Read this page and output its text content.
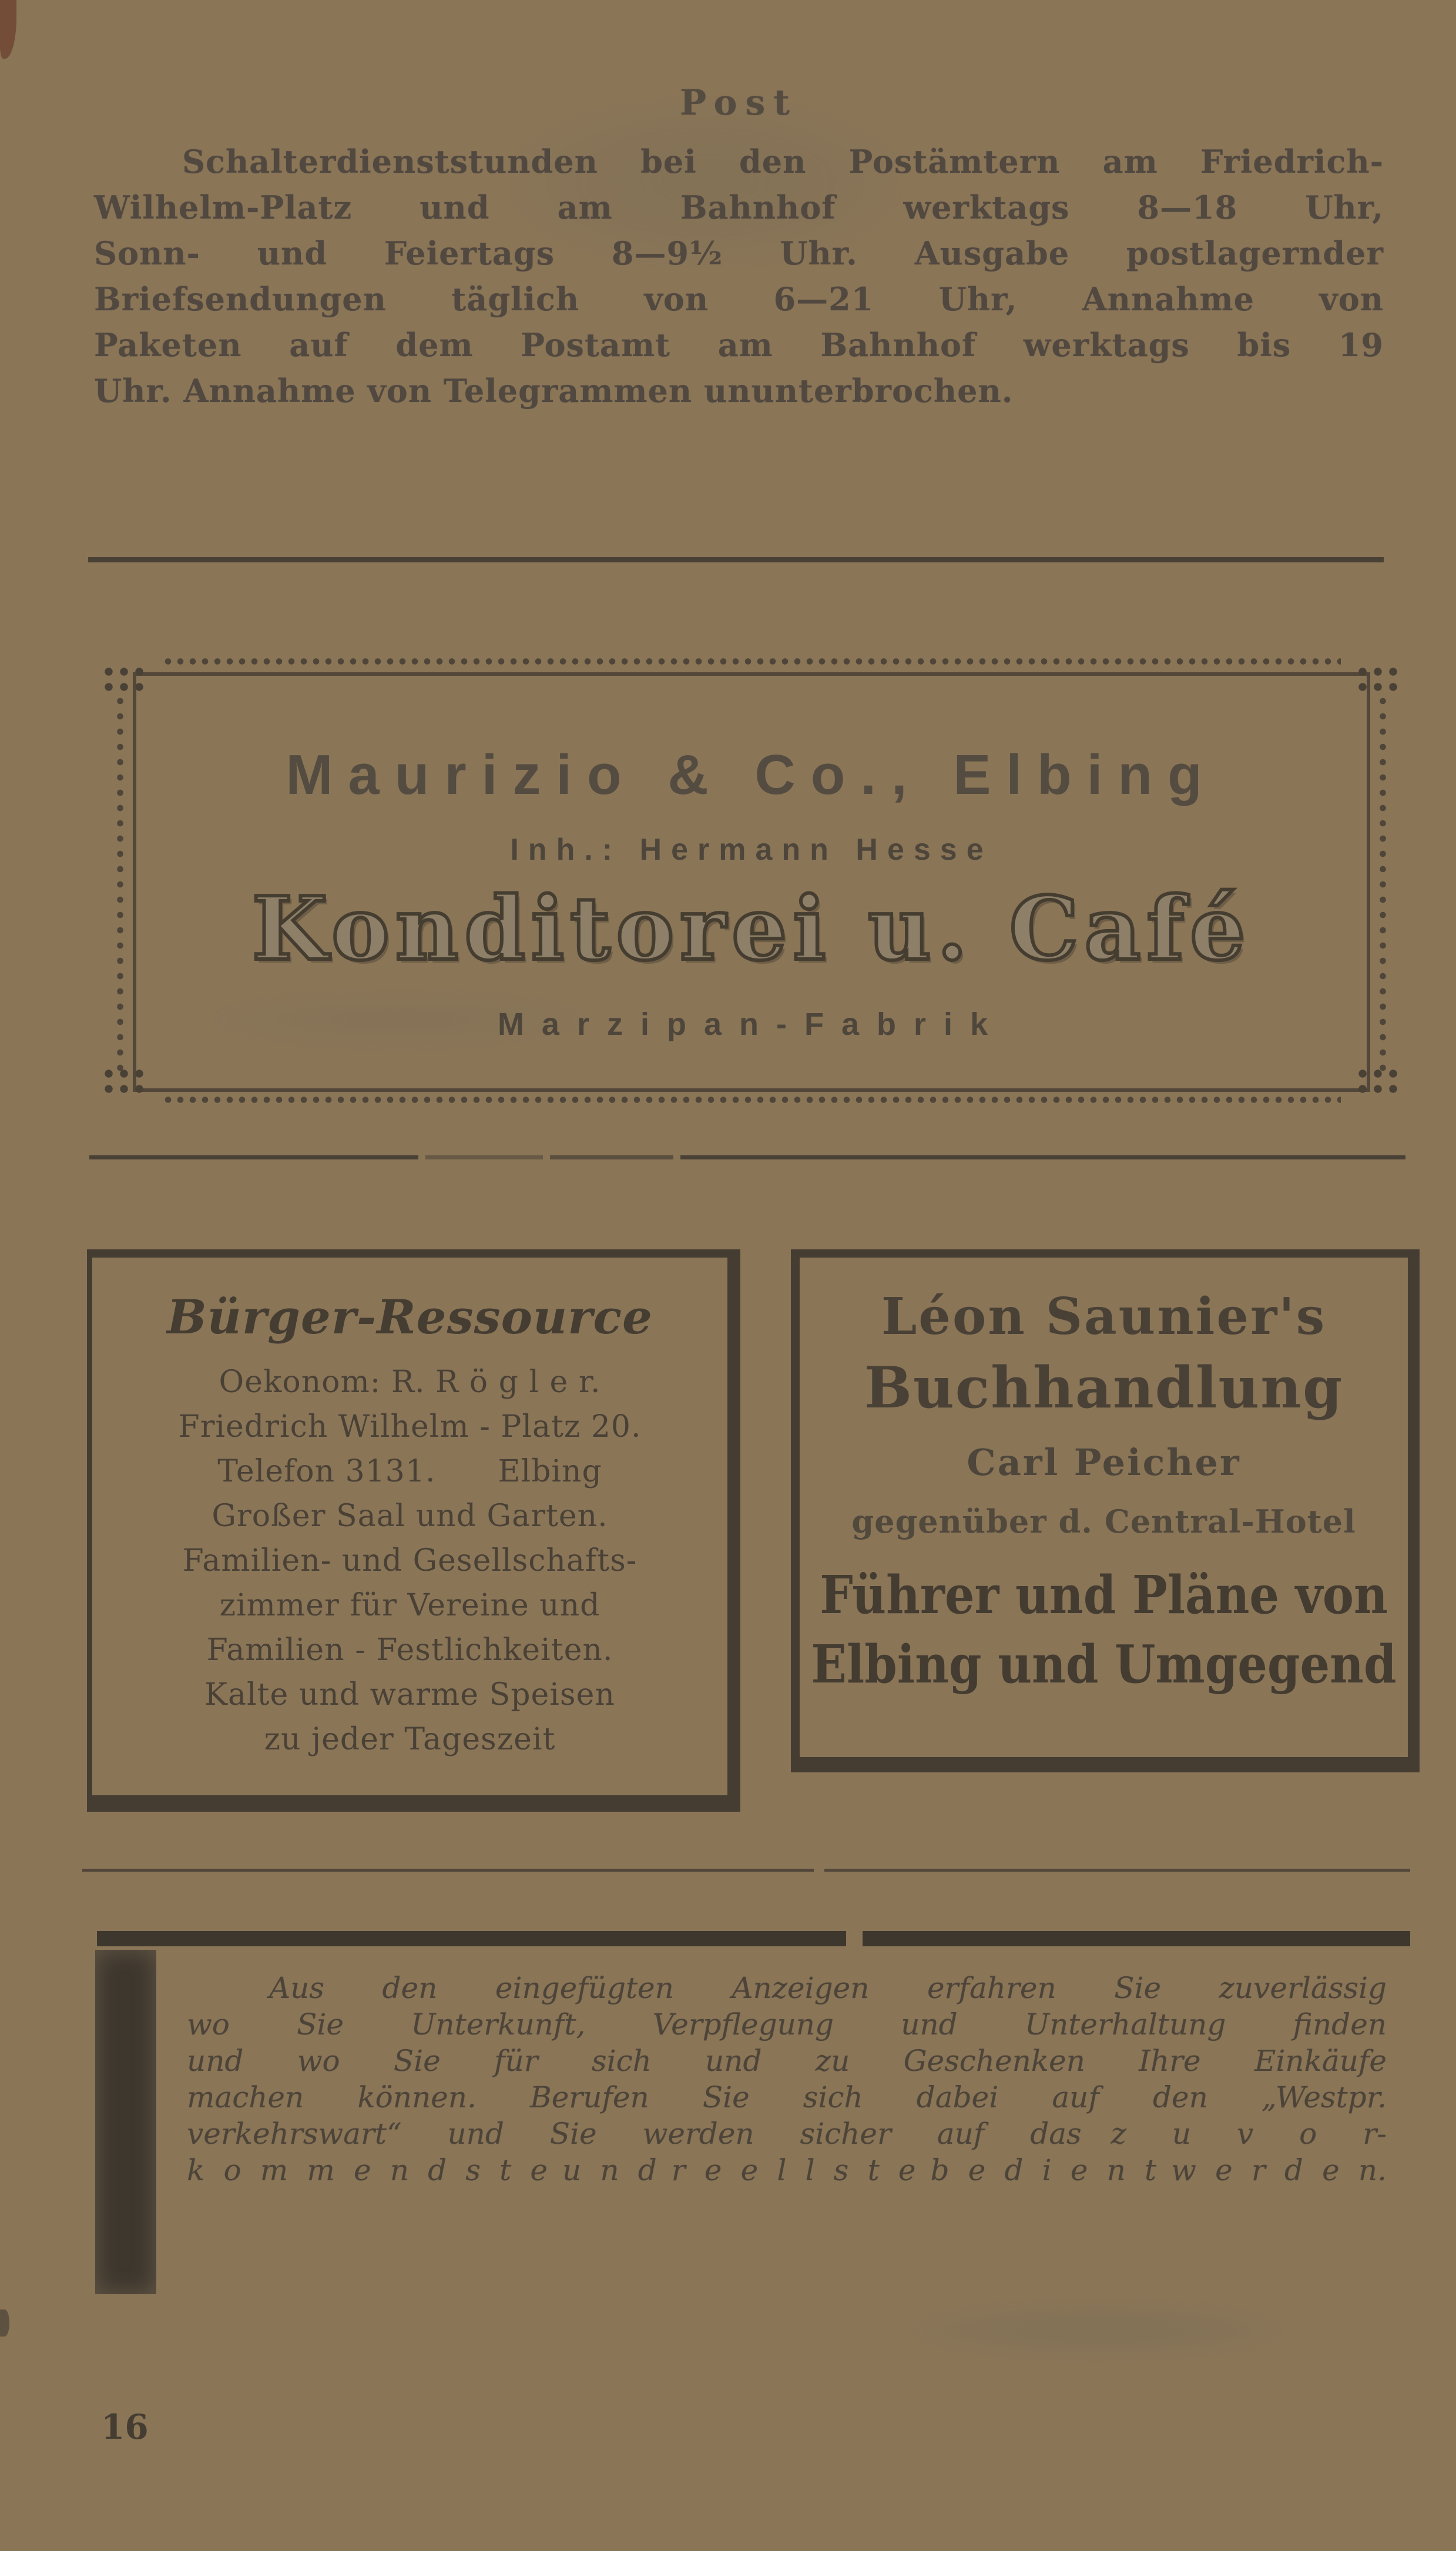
Post
Schalterdienststunden bei den Postämtern am Friedrich-
Wilhelm-Platz und am Bahnhof werktags 8—18 Uhr,
Sonn- und Feiertags 8—9½ Uhr. Ausgabe postlagernder
Briefsendungen täglich von 6—21 Uhr, Annahme von
Paketen auf dem Postamt am Bahnhof werktags bis 19
Uhr. Annahme von Telegrammen ununterbrochen.
Maurizio & Co., Elbing
Inh.: Hermann Hesse
Konditorei u. Café
Marzipan-Fabrik
Bürger-Ressource
Oekonom: R. R ö g l e r.
Friedrich Wilhelm - Platz 20.
Telefon 3131.  Elbing
Großer Saal und Garten.
Familien- und Gesellschafts-
zimmer für Vereine und
Familien - Festlichkeiten.
Kalte und warme Speisen
zu jeder Tageszeit
Léon Saunier's
Buchhandlung
Carl Peicher
gegenüber d. Central-Hotel
Führer und Pläne von
Elbing und Umgegend
Aus den eingefügten Anzeigen erfahren Sie zuverlässig
wo Sie Unterkunft, Verpflegung und Unterhaltung finden
und wo Sie für sich und zu Geschenken Ihre Einkäufe
machen können. Berufen Sie sich dabei auf den „Westpr.
verkehrswart“ und Sie werden sicher auf das z u v o r-
k o m m e n d s t e u n d r e e l l s t e b e d i e n t w e r d e n.
16
